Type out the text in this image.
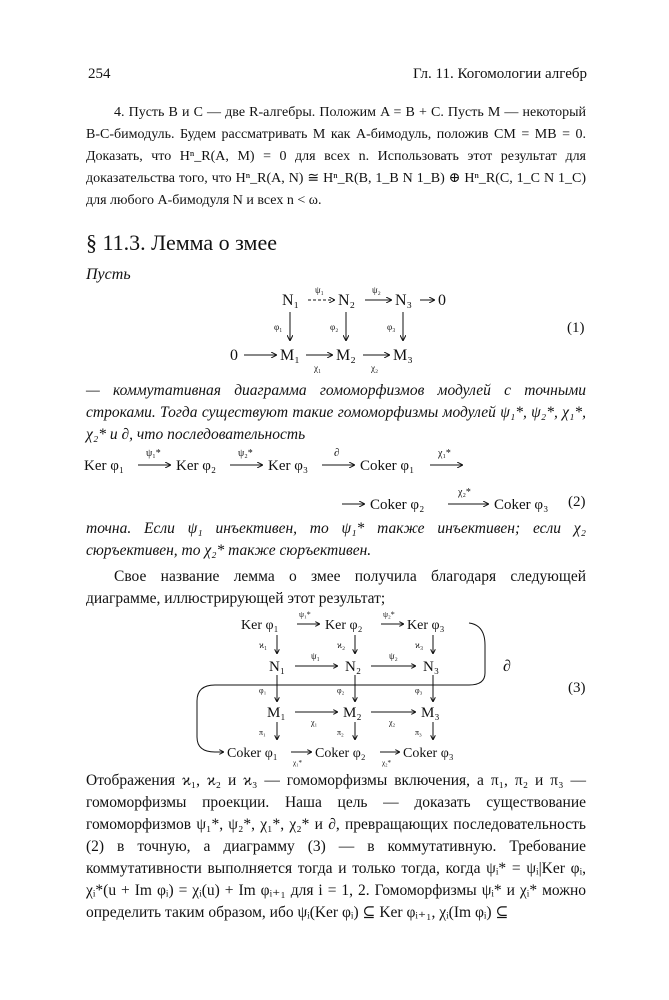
254	Гл. 11. Когомологии алгебр
4. Пусть B и C — две R-алгебры. Положим A = B + C. Пусть M — некоторый B-C-бимодуль. Будем рассматривать M как A-бимодуль, положив CM = MB = 0. Доказать, что Hⁿ_R(A, M) = 0 для всех n. Использовать этот результат для доказательства того, что Hⁿ_R(A, N) ≅ Hⁿ_R(B, 1_B N 1_B) ⊕ Hⁿ_R(C, 1_C N 1_C) для любого A-бимодуля N и всех n < ω.
§ 11.3. Лемма о змее
Пусть
N₁ N₂ N₃ 0
ψ₁	ψ₂
φ₁	φ₂	φ₃
0	M₁ M₂ M₃
χ₁	χ₂
(1)
— коммутативная диаграмма гомоморфизмов модулей с точными строками. Тогда существуют такие гомоморфизмы модулей ψ₁*, ψ₂*, χ₁*, χ₂* и ∂, что последовательность
Ker φ₁
ψ₁*
Ker φ₂
ψ₂*
Ker φ₃
∂
Coker φ₁
χ₁*
Coker φ₂
χ₂*
Coker φ₃ (2)
точна. Если ψ₁ инъективен, то ψ₁* также инъективен; если χ₂ сюръективен, то χ₂* также сюръективен.
Свое название лемма о змее получила благодаря следующей диаграмме, иллюстрирующей этот результат;
Ker φ₁	Ker φ₂	Ker φ₃
ψ₁*	ψ₂*
ϰ₁	ϰ₂	ϰ₃
N₁	N₂	N₃
ψ₁	ψ₂
φ₁	φ₂	φ₃
M₁	M₂	M₃
χ₁	χ₂
π₁	π₂	π₃
Coker φ₁	Coker φ₂	Coker φ₃
χ₁*	χ₂*
∂
(3)
Отображения ϰ₁, ϰ₂ и ϰ₃ — гомоморфизмы включения, а π₁, π₂ и π₃ — гомоморфизмы проекции. Наша цель — доказать существование гомоморфизмов ψ₁*, ψ₂*, χ₁*, χ₂* и ∂, превращающих последовательность (2) в точную, а диаграмму (3) — в коммутативную. Требование коммутативности выполняется тогда и только тогда, когда ψᵢ* = ψᵢ|Ker φᵢ, χᵢ*(u + Im φᵢ) = χᵢ(u) + Im φᵢ₊₁ для i = 1, 2. Гомоморфизмы ψᵢ* и χᵢ* можно определить таким образом, ибо ψᵢ(Ker φᵢ) ⊆ Ker φᵢ₊₁, χᵢ(Im φᵢ) ⊆
